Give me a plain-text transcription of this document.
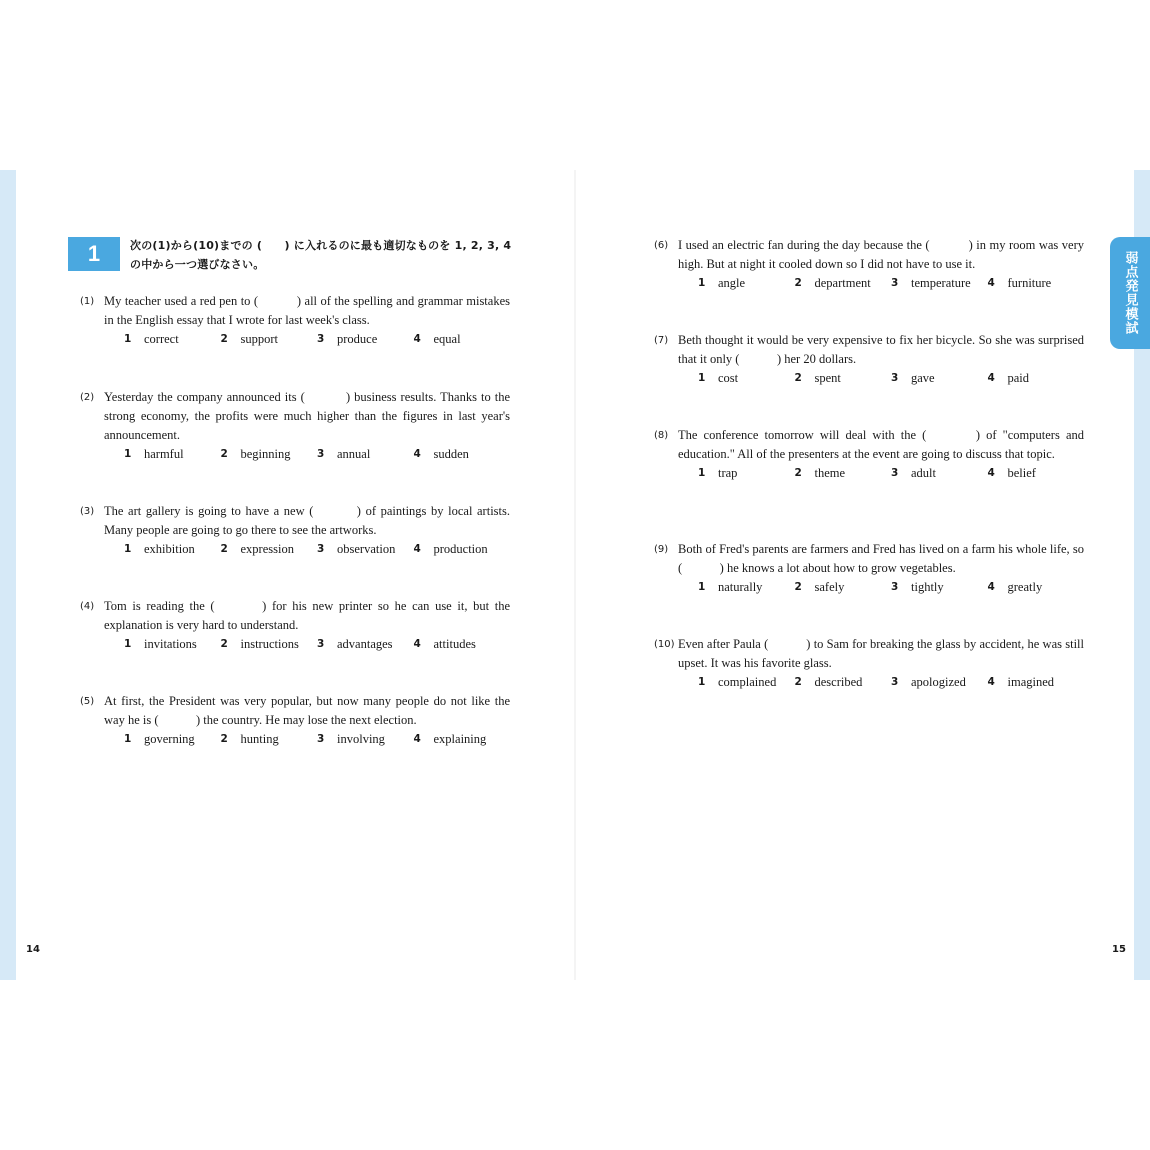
1	次の(1)から(10)までの (　　) に入れるのに最も適切なものを 1, 2, 3, 4 の中から一つ選びなさい。	弱点発見模試
(1) My teacher used a red pen to (　　　) all of the spelling and grammar mistakes in the English essay that I wrote for last week's class.
1	correct	2	support	3	produce	4	equal
(2) Yesterday the company announced its (　　　) business results. Thanks to the strong economy, the profits were much higher than the figures in last year's announcement.
1	harmful	2	beginning	3	annual	4	sudden
(3) The art gallery is going to have a new (　　　) of paintings by local artists. Many people are going to go there to see the artworks.
1	exhibition 2	expression 3	observation 4	production
(4) Tom is reading the (　　　) for his new printer so he can use it, but the explanation is very hard to understand.
1	invitations 2	instructions 3	advantages 4	attitudes
(5) At first, the President was very popular, but now many people do not like the way he is (　　　) the country. He may lose the next election.
1	governing 2	hunting	3	involving	4	explaining
(6) I used an electric fan during the day because the (　　　) in my room was very high. But at night it cooled down so I did not have to use it.
1	angle	2	department 3	temperature 4	furniture
(7) Beth thought it would be very expensive to fix her bicycle. So she was surprised that it only (　　　) her 20 dollars.
1	cost	2	spent	3	gave	4	paid
(8) The conference tomorrow will deal with the (　　　) of "computers and education." All of the presenters at the event are going to discuss that topic.
1	trap	2	theme	3	adult	4	belief
(9) Both of Fred's parents are farmers and Fred has lived on a farm his whole life, so (　　　) he knows a lot about how to grow vegetables.
1	naturally	2	safely	3	tightly	4	greatly
(10) Even after Paula (　　　) to Sam for breaking the glass by accident, he was still upset. It was his favorite glass.
1	complained 2	described	3	apologized 4	imagined
14	15
